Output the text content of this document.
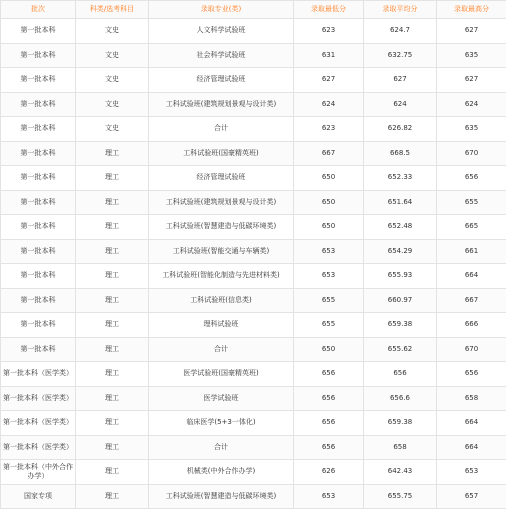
批次	科类/选考科目	录取专业(类)	录取最低分	录取平均分	录取最高分
第一批本科	文史	人文科学试验班	623	624.7	627
第一批本科	文史	社会科学试验班	631	632.75	635
第一批本科	文史	经济管理试验班	627	627	627
第一批本科	文史	工科试验班(建筑规划景观与设计类)	624	624	624
第一批本科	文史	合计	623	626.82	635
第一批本科	理工	工科试验班(国豪精英班)	667	668.5	670
第一批本科	理工	经济管理试验班	650	652.33	656
第一批本科	理工	工科试验班(建筑规划景观与设计类)	650	651.64	655
第一批本科	理工	工科试验班(智慧建造与低碳环境类)	650	652.48	665
第一批本科	理工	工科试验班(智能交通与车辆类)	653	654.29	661
第一批本科	理工	工科试验班(智能化制造与先进材料类)	653	655.93	664
第一批本科	理工	工科试验班(信息类)	655	660.97	667
第一批本科	理工	理科试验班	655	659.38	666
第一批本科	理工	合计	650	655.62	670
第一批本科（医学类）	理工	医学试验班(国豪精英班)	656	656	656
第一批本科（医学类）	理工	医学试验班	656	656.6	658
第一批本科（医学类）	理工	临床医学(5+3一体化)	656	659.38	664
第一批本科（医学类）	理工	合计	656	658	664
第一批本科（中外合作办学）	理工	机械类(中外合作办学)	626	642.43	653
国家专项	理工	工科试验班(智慧建造与低碳环境类)	653	655.75	657
